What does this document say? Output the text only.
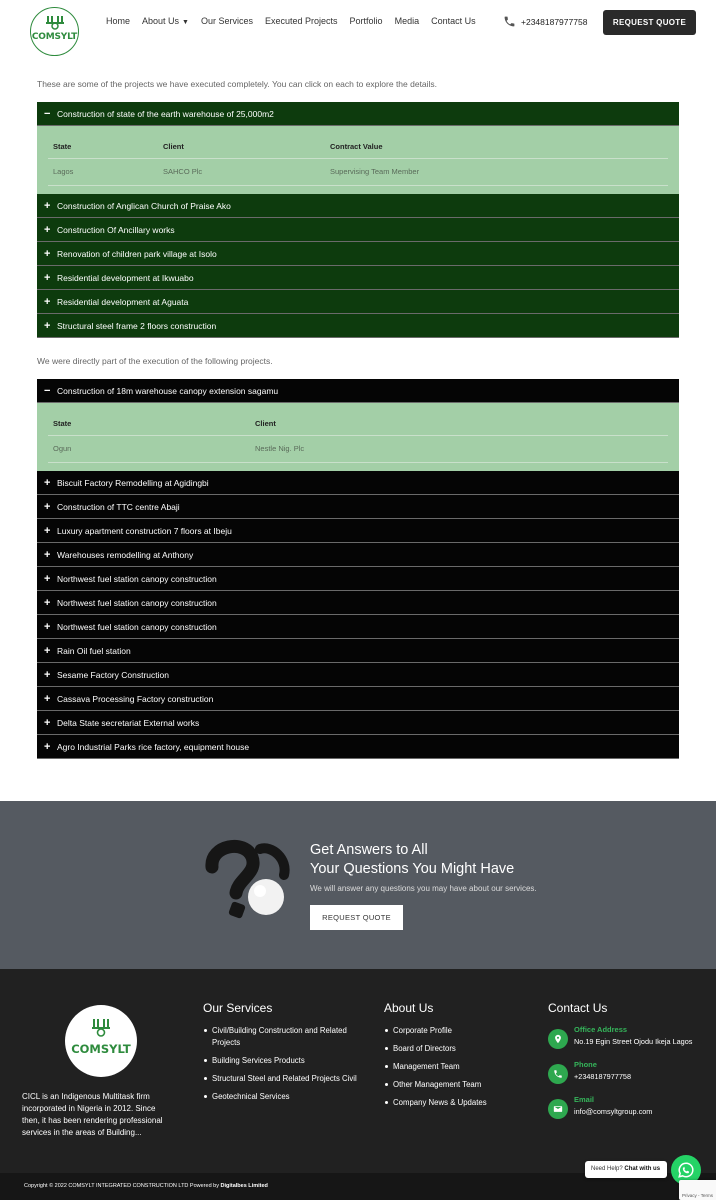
COMSYLT
Home About Us ▼ Our Services Executed Projects Portfolio Media Contact Us	+2348187977758	REQUEST QUOTE
These are some of the projects we have executed completely. You can click on each to explore the details.
− Construction of state of the earth warehouse of 25,000m2
State	Client	Contract Value
Lagos	SAHCO Plc	Supervising Team Member
+ Construction of Anglican Church of Praise Ako
+ Construction Of Ancillary works
+ Renovation of children park village at Isolo
+ Residential development at Ikwuabo
+ Residential development at Aguata
+ Structural steel frame 2 floors construction
We were directly part of the execution of the following projects.
− Construction of 18m warehouse canopy extension sagamu
State	Client
Ogun	Nestle Nig. Plc
+ Biscuit Factory Remodelling at Agidingbi
+ Construction of TTC centre Abaji
+ Luxury apartment construction 7 floors at Ibeju
+ Warehouses remodelling at Anthony
+ Northwest fuel station canopy construction
+ Northwest fuel station canopy construction
+ Northwest fuel station canopy construction
+ Rain Oil fuel station
+ Sesame Factory Construction
+ Cassava Processing Factory construction
+ Delta State secretariat External works
+ Agro Industrial Parks rice factory, equipment house
Get Answers to All
Your Questions You Might Have
We will answer any questions you may have about our services.
REQUEST QUOTE
COMSYLT
CICL is an Indigenous Multitask firm incorporated in Nigeria in 2012. Since then, it has been rendering professional services in the areas of Building...
Our Services
Civil/Building Construction and Related Projects
Building Services Products
Structural Steel and Related Projects Civil
Geotechnical Services
About Us
Corporate Profile
Board of Directors
Management Team
Other Management Team
Company News & Updates
Contact Us
Office Address
No.19 Egin Street Ojodu Ikeja Lagos
Phone
+2348187977758
Email
info@comsyltgroup.com
Copyright © 2022 COMSYLT INTEGRATED CONSTRUCTION LTD Powered by Digitalbes Limited
Need Help? Chat with us
Privacy - Terms
